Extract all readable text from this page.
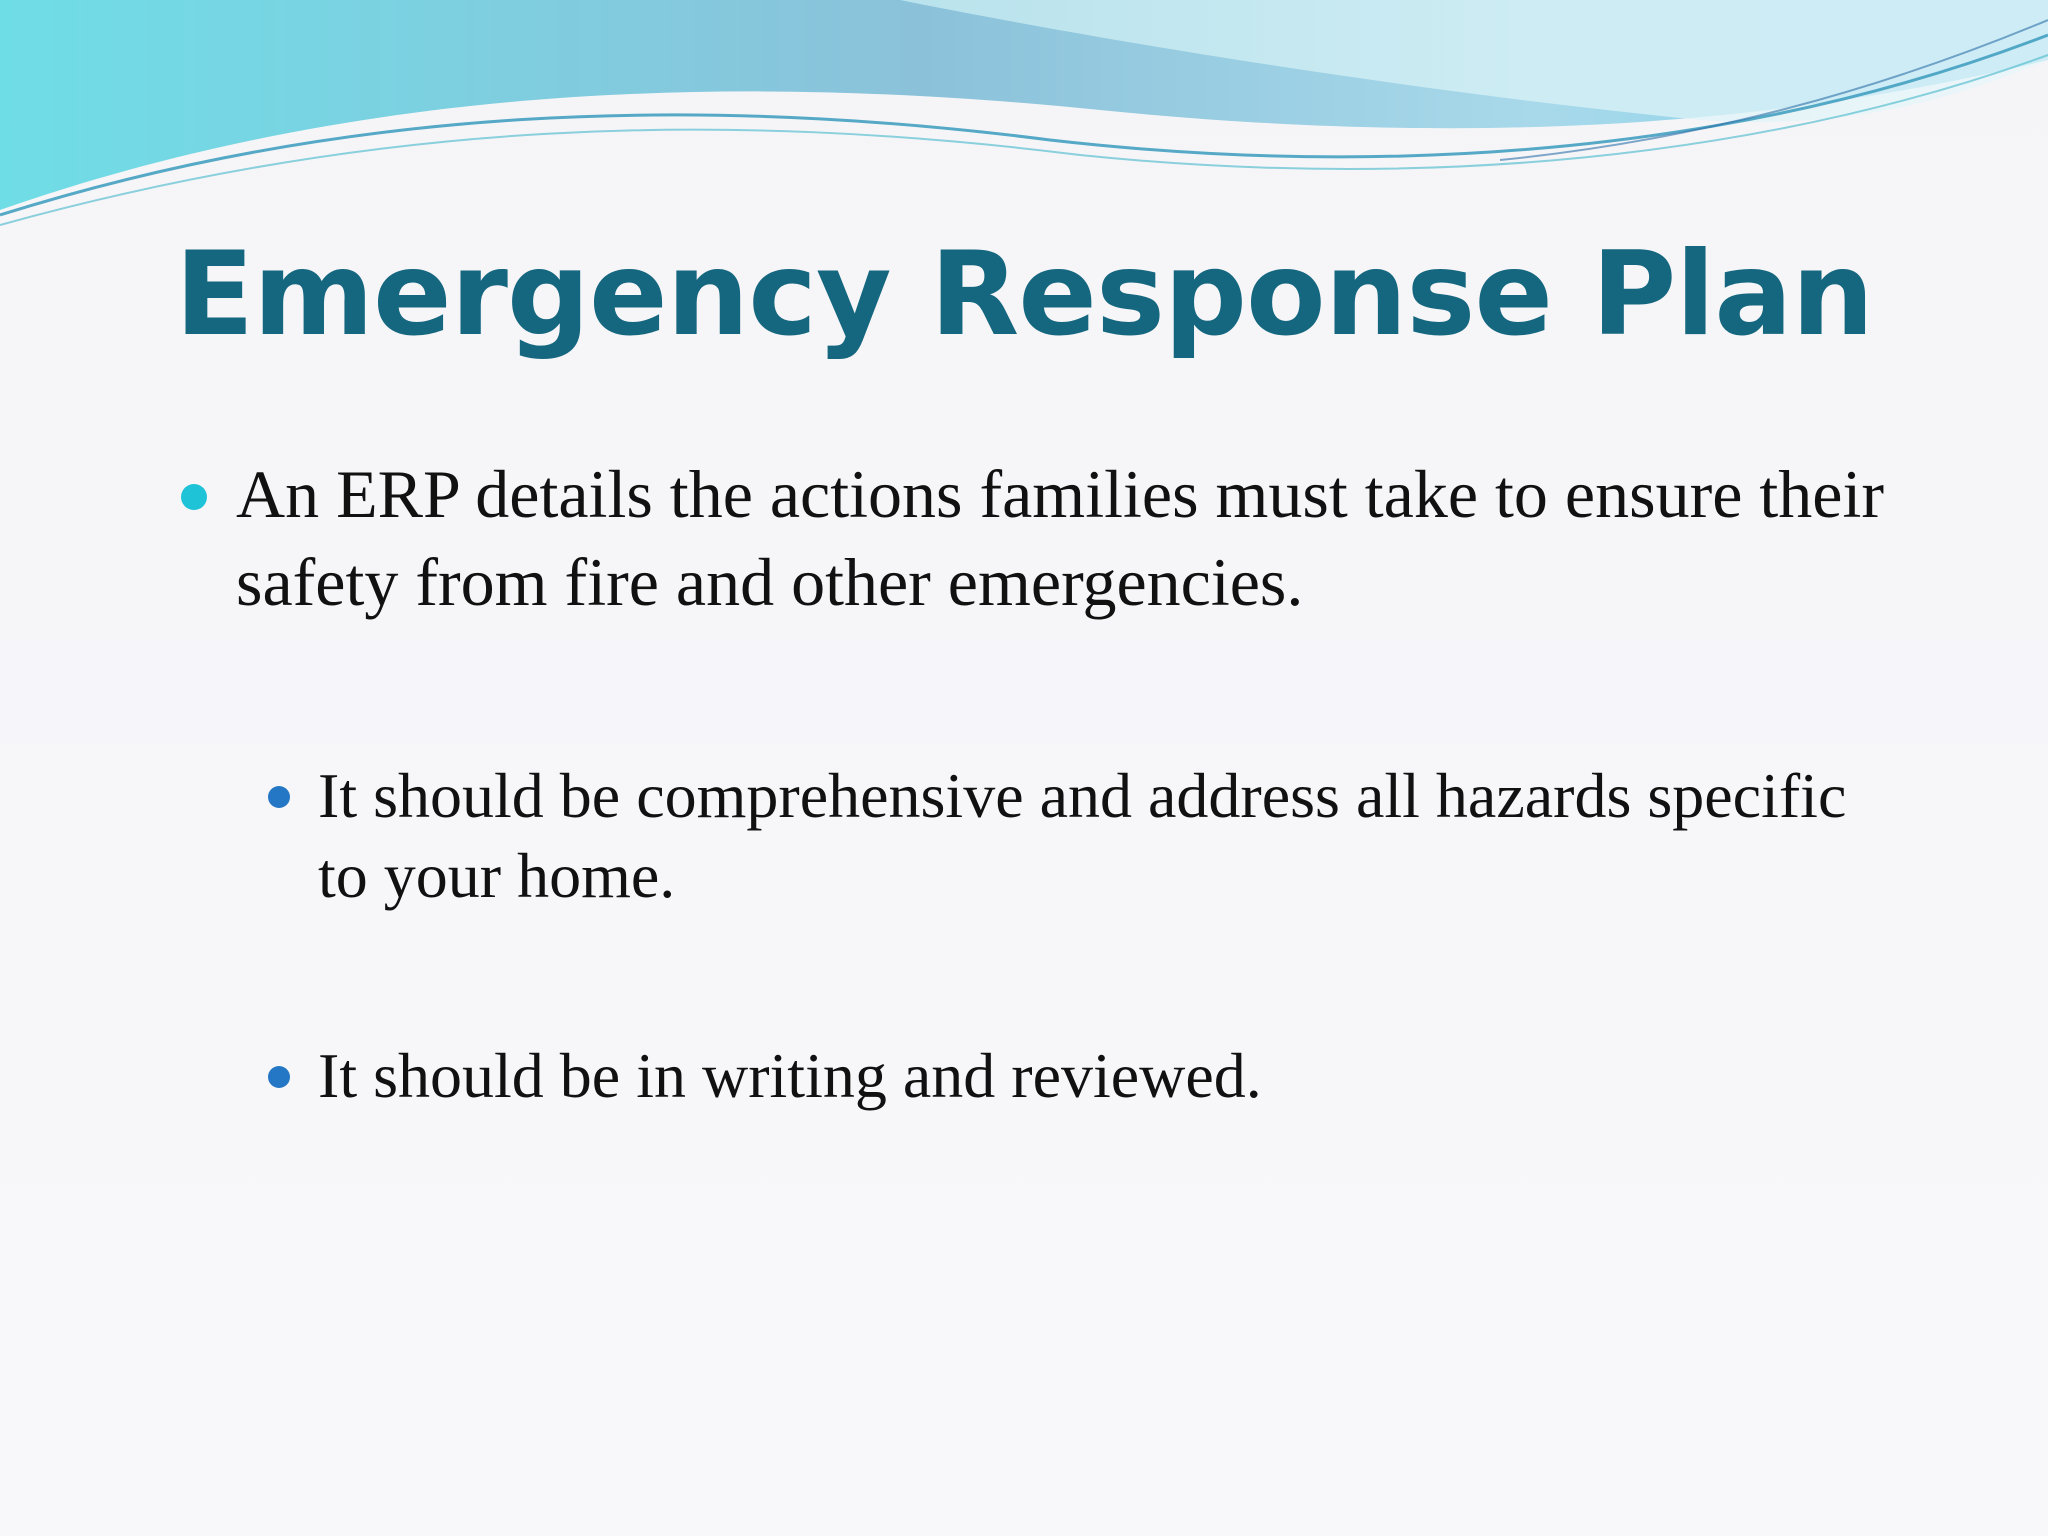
Emergency Response Plan
An ERP details the actions families must take to ensure their safety from fire and other emergencies.
It should be comprehensive and address all hazards specific to your home.
It should be in writing and reviewed.
